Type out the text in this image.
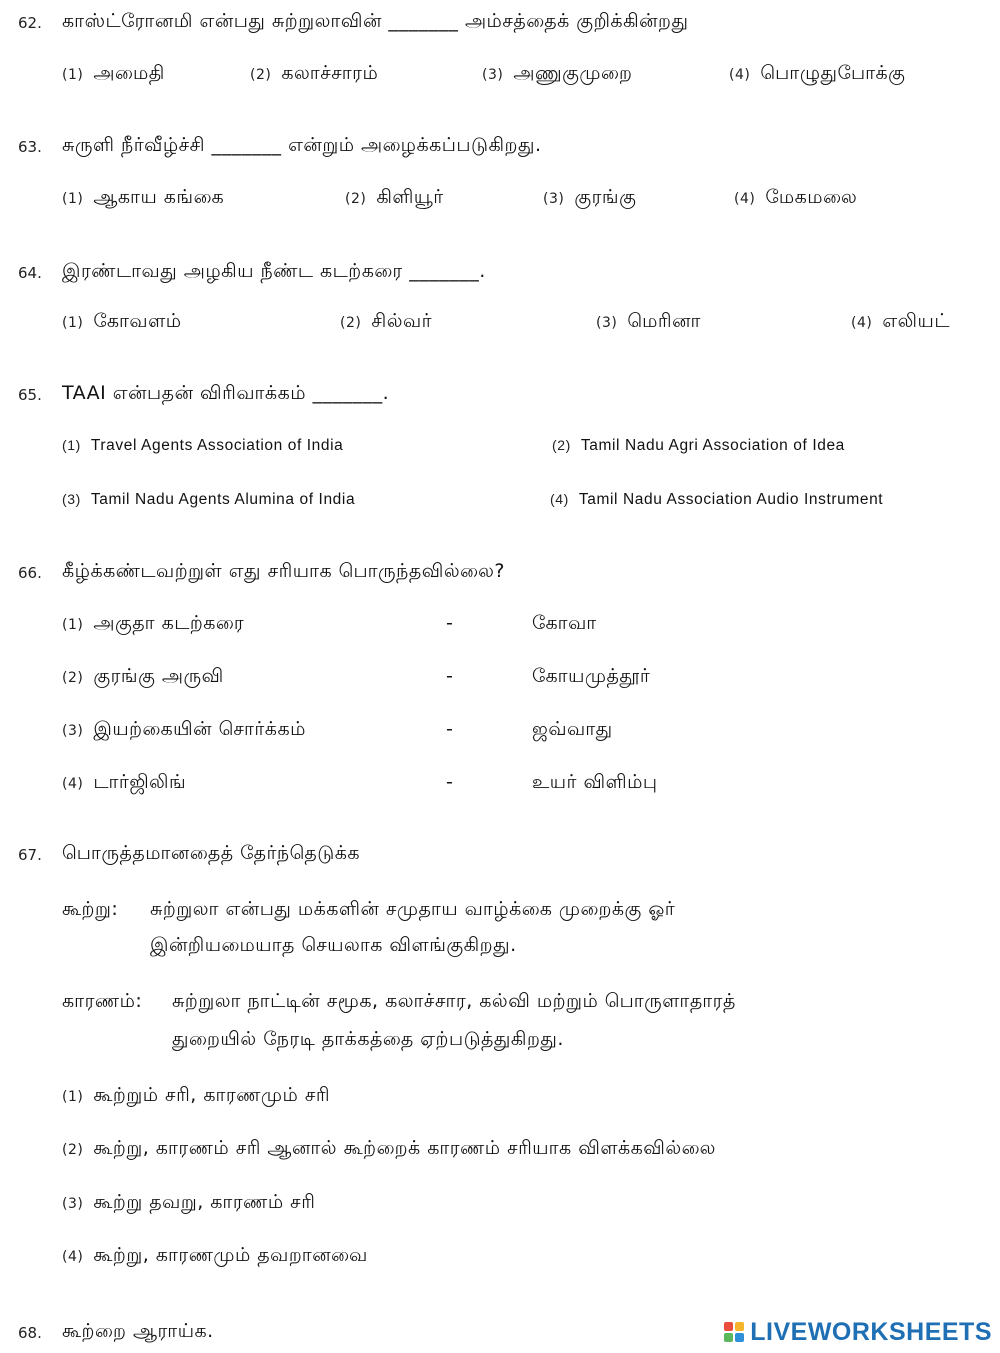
62. காஸ்ட்ரோனமி என்பது சுற்றுலாவின் _______ அம்சத்தைக் குறிக்கின்றது
(1) அமைதி	(2) கலாச்சாரம்	(3) அணுகுமுறை	(4) பொழுதுபோக்கு
63. சுருளி நீர்வீழ்ச்சி _______ என்றும் அழைக்கப்படுகிறது.
(1) ஆகாய கங்கை	(2) கிளியூர்	(3) குரங்கு	(4) மேகமலை
64. இரண்டாவது அழகிய நீண்ட கடற்கரை _______.
(1) கோவளம்	(2) சில்வர்	(3) மெரினா	(4) எலியட்
65. TAAI என்பதன் விரிவாக்கம் _______.
(1) Travel Agents Association of India	(2) Tamil Nadu Agri Association of Idea
(3) Tamil Nadu Agents Alumina of India	(4) Tamil Nadu Association Audio Instrument
66. கீழ்க்கண்டவற்றுள் எது சரியாக பொருந்தவில்லை?
(1) அகுதா கடற்கரை	-	கோவா
(2) குரங்கு அருவி	-	கோயமுத்தூர்
(3) இயற்கையின் சொர்க்கம்	-	ஜவ்வாது
(4) டார்ஜிலிங்	-	உயர் விளிம்பு
67. பொருத்தமானதைத் தேர்ந்தெடுக்க
கூற்று: சுற்றுலா என்பது மக்களின் சமுதாய வாழ்க்கை முறைக்கு ஓர்
இன்றியமையாத செயலாக விளங்குகிறது.
காரணம்: சுற்றுலா நாட்டின் சமூக, கலாச்சார, கல்வி மற்றும் பொருளாதாரத்
துறையில் நேரடி தாக்கத்தை ஏற்படுத்துகிறது.
(1) கூற்றும் சரி, காரணமும் சரி
(2) கூற்று, காரணம் சரி ஆனால் கூற்றைக் காரணம் சரியாக விளக்கவில்லை
(3) கூற்று தவறு, காரணம் சரி
(4) கூற்று, காரணமும் தவறானவை
68. கூற்றை ஆராய்க.	LIVEWORKSHEETS
